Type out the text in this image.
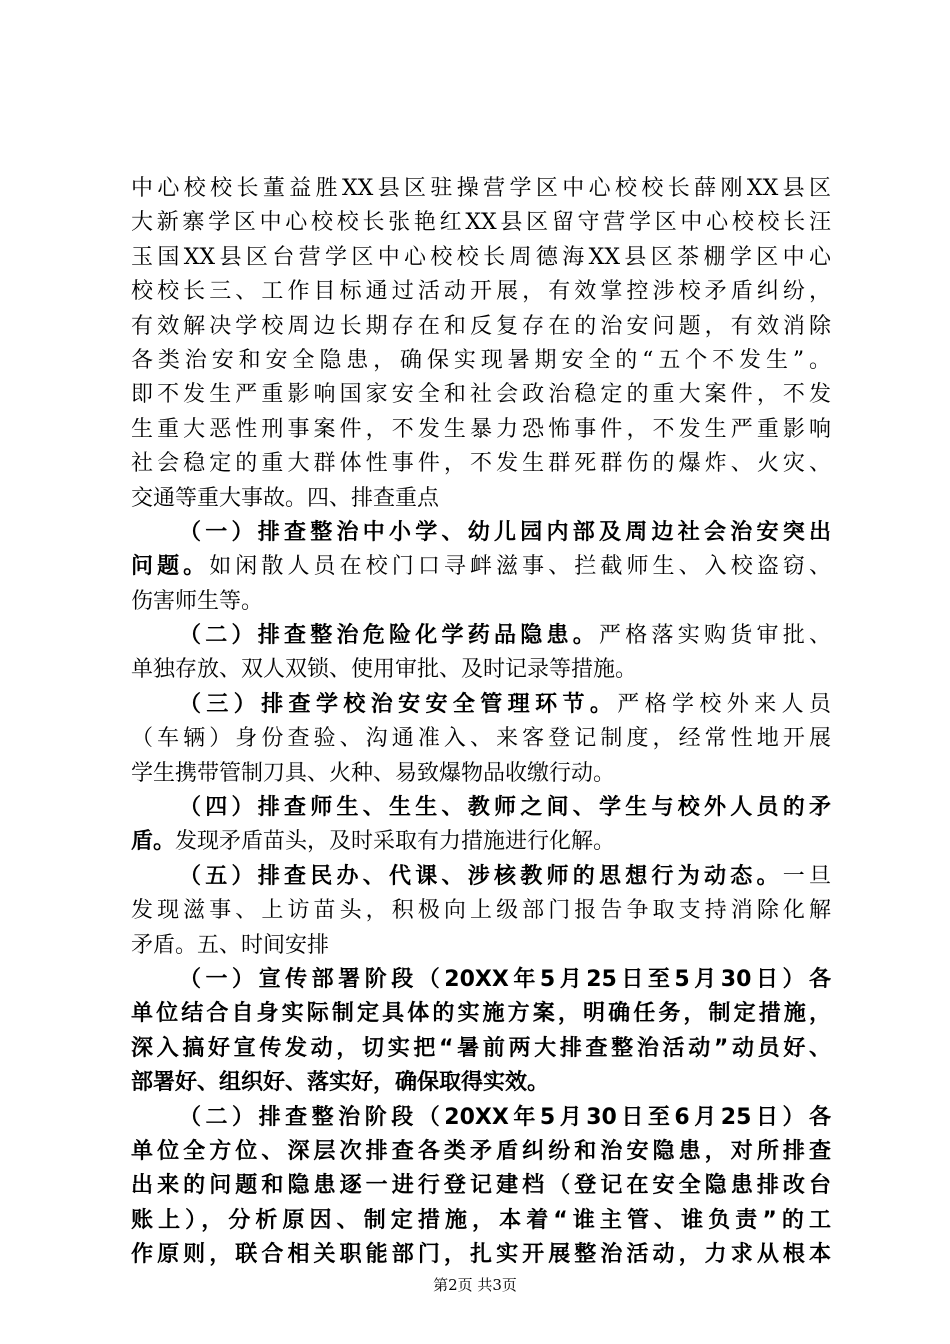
中心校校长董益胜XX县区驻操营学区中心校校长薛刚XX县区
大新寨学区中心校校长张艳红XX县区留守营学区中心校校长汪
玉国XX县区台营学区中心校校长周德海XX县区茶棚学区中心
校校长三、工作目标通过活动开展，有效掌控涉校矛盾纠纷，
有效解决学校周边长期存在和反复存在的治安问题，有效消除
各类治安和安全隐患，确保实现暑期安全的“五个不发生”。
即不发生严重影响国家安全和社会政治稳定的重大案件，不发
生重大恶性刑事案件，不发生暴力恐怖事件，不发生严重影响
社会稳定的重大群体性事件，不发生群死群伤的爆炸、火灾、
交通等重大事故。四、排查重点
（一）排查整治中小学、幼儿园内部及周边社会治安突出
问题。如闲散人员在校门口寻衅滋事、拦截师生、入校盗窃、
伤害师生等。
（二）排查整治危险化学药品隐患。严格落实购货审批、
单独存放、双人双锁、使用审批、及时记录等措施。
（三）排查学校治安安全管理环节。严格学校外来人员
（车辆）身份查验、沟通准入、来客登记制度，经常性地开展
学生携带管制刀具、火种、易致爆物品收缴行动。
（四）排查师生、生生、教师之间、学生与校外人员的矛
盾。发现矛盾苗头，及时采取有力措施进行化解。
（五）排查民办、代课、涉核教师的思想行为动态。一旦
发现滋事、上访苗头，积极向上级部门报告争取支持消除化解
矛盾。五、时间安排
（一）宣传部署阶段（20XX年5月25日至5月30日）各
单位结合自身实际制定具体的实施方案，明确任务，制定措施，
深入搞好宣传发动，切实把“暑前两大排查整治活动”动员好、
部署好、组织好、落实好，确保取得实效。
（二）排查整治阶段（20XX年5月30日至6月25日）各
单位全方位、深层次排查各类矛盾纠纷和治安隐患，对所排查
出来的问题和隐患逐一进行登记建档（登记在安全隐患排改台
账上），分析原因、制定措施，本着“谁主管、谁负责”的工
作原则，联合相关职能部门，扎实开展整治活动，力求从根本
第2页 共3页
